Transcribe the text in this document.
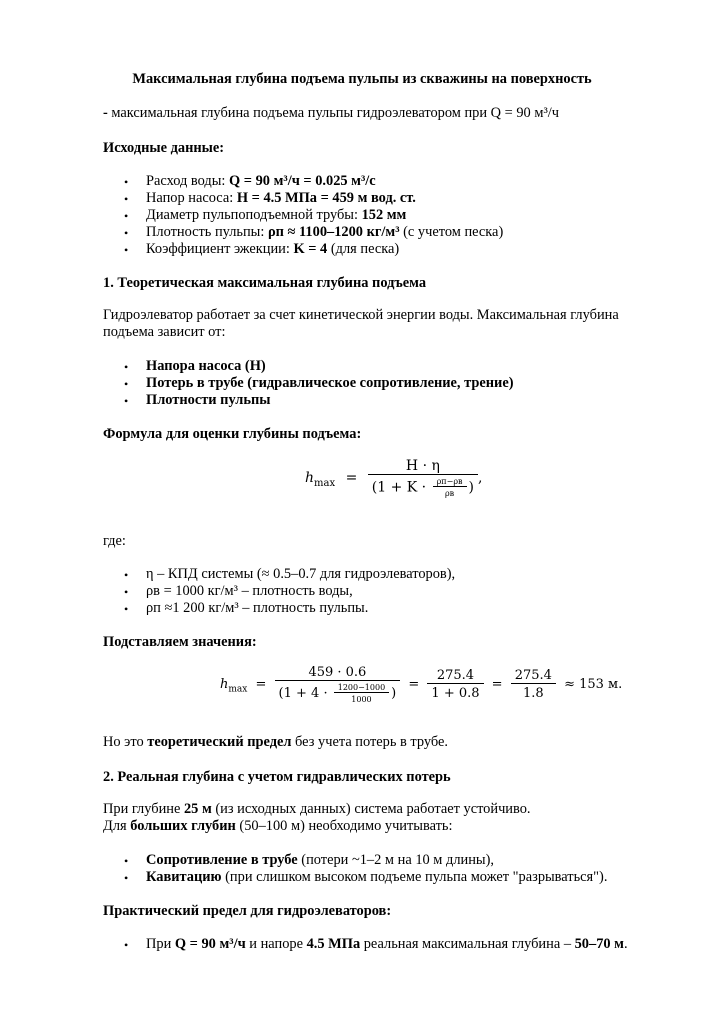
Максимальная глубина подъема пульпы из скважины на поверхность
- максимальная глубина подъема пульпы гидроэлеватором при Q = 90 м³/ч
Исходные данные:
Расход воды: Q = 90 м³/ч = 0.025 м³/с
Напор насоса: H = 4.5 МПа = 459 м вод. ст.
Диаметр пульпоподъемной трубы: 152 мм
Плотность пульпы: ρп ≈ 1100–1200 кг/м³ (с учетом песка)
Коэффициент эжекции: K = 4 (для песка)
•
•
•
•
•
1. Теоретическая максимальная глубина подъема
Гидроэлеватор работает за счет кинетической энергии воды. Максимальная глубина
подъема зависит от:
Напора насоса (H)
Потерь в трубе (гидравлическое сопротивление, трение)
Плотности пульпы
•
•
•
Формула для оценки глубины подъема:
$h_{max} = \frac{H \cdot \eta}{(1 + K \cdot \frac{\rho п-\rho в}{\rho в} )}$ ,
где:
η – КПД системы (≈ 0.5–0.7 для гидроэлеваторов),
ρв = 1000 кг/м³ – плотность воды,
ρп ≈1 200 кг/м³ – плотность пульпы.
•
•
•
Подставляем значения:
$h_{max}$ =
459 · 0.6
($1 + 4 \cdot \frac{1200-1000}{1000}$ )
= $\frac{275.4}{1 + 0.8} = \frac{275.4}{1.8} \approx 153$ м.
Но это теоретический предел без учета потерь в трубе.
2. Реальная глубина с учетом гидравлических потерь
При глубине 25 м (из исходных данных) система работает устойчиво.
Для больших глубин (50–100 м) необходимо учитывать:
Сопротивление в трубе (потери ~1–2 м на 10 м длины),
Кавитацию (при слишком высоком подъеме пульпа может "разрываться").
•
•
Практический предел для гидроэлеваторов:
При Q = 90 м³/ч и напоре 4.5 МПа реальная максимальная глубина – 50–70 м.
•
